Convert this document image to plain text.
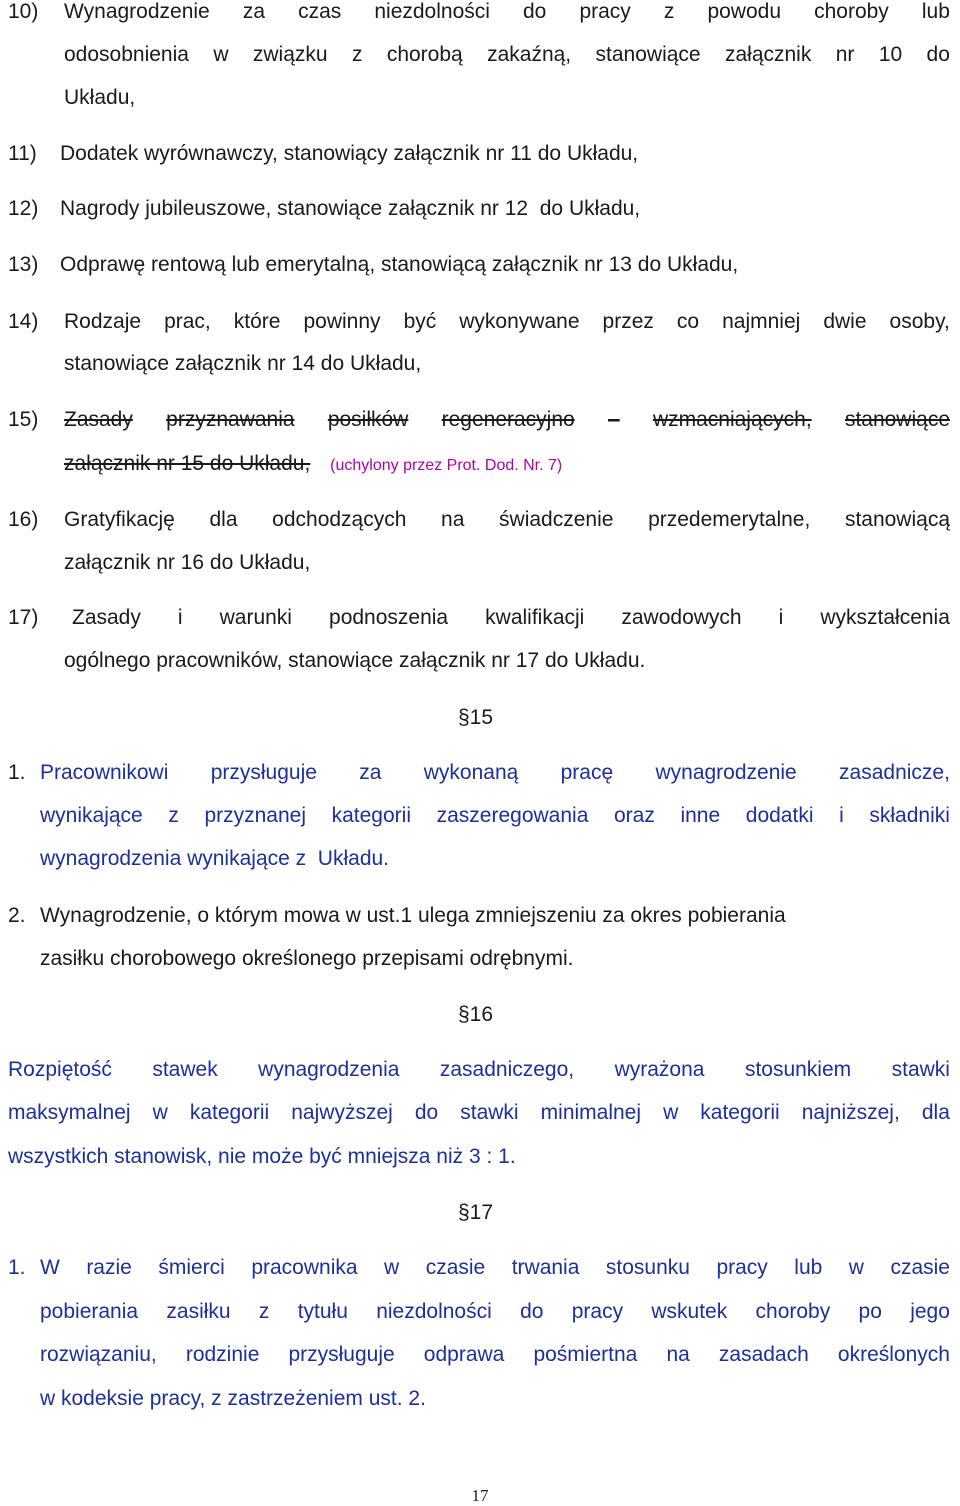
10) Wynagrodzenie za czas niezdolności do pracy z powodu choroby lub
odosobnienia w związku z chorobą zakaźną, stanowiące załącznik nr 10 do
Układu,
11) Dodatek wyrównawczy, stanowiący załącznik nr 11 do Układu,
12) Nagrody jubileuszowe, stanowiące załącznik nr 12  do Układu,
13) Odprawę rentową lub emerytalną, stanowiącą załącznik nr 13 do Układu,
14) Rodzaje prac, które powinny być wykonywane przez co najmniej dwie osoby,
stanowiące załącznik nr 14 do Układu,
15) Zasady przyznawania posiłków regeneracyjno – wzmacniających, stanowiące
załącznik nr 15 do Układu, (uchylony przez Prot. Dod. Nr. 7)
16) Gratyfikację dla odchodzących na świadczenie przedemerytalne, stanowiącą
załącznik nr 16 do Układu,
17) Zasady i warunki podnoszenia kwalifikacji zawodowych i wykształcenia
ogólnego pracowników, stanowiące załącznik nr 17 do Układu.
§15
1. Pracownikowi przysługuje za wykonaną pracę wynagrodzenie zasadnicze,
wynikające z przyznanej kategorii zaszeregowania oraz inne dodatki i składniki
wynagrodzenia wynikające z  Układu.
2. Wynagrodzenie, o którym mowa w ust.1 ulega zmniejszeniu za okres pobierania
zasiłku chorobowego określonego przepisami odrębnymi.
§16
Rozpiętość stawek wynagrodzenia zasadniczego, wyrażona stosunkiem stawki
maksymalnej w kategorii najwyższej do stawki minimalnej w kategorii najniższej, dla
wszystkich stanowisk, nie może być mniejsza niż 3 : 1.
§17
1. W razie śmierci pracownika w czasie trwania stosunku pracy lub w czasie
pobierania zasiłku z tytułu niezdolności do pracy wskutek choroby po jego
rozwiązaniu, rodzinie przysługuje odprawa pośmiertna na zasadach określonych
w kodeksie pracy, z zastrzeżeniem ust. 2.
17
